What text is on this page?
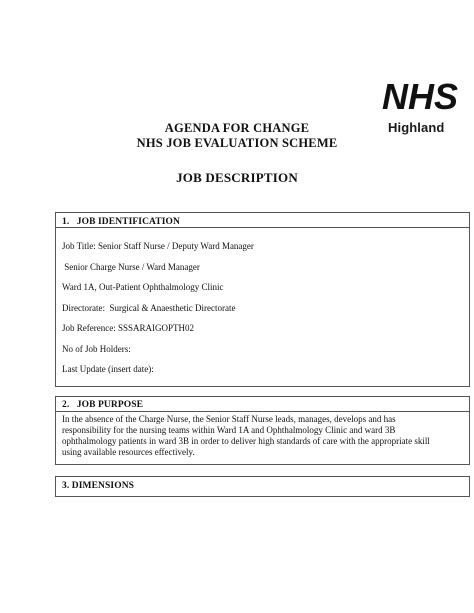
NHS
Highland
AGENDA FOR CHANGE
NHS JOB EVALUATION SCHEME
JOB DESCRIPTION
1.   JOB IDENTIFICATION
Job Title: Senior Staff Nurse / Deputy Ward Manager
Senior Charge Nurse / Ward Manager
Ward 1A, Out-Patient Ophthalmology Clinic
Directorate:  Surgical & Anaesthetic Directorate
Job Reference: SSSARAIGOPTH02
No of Job Holders:
Last Update (insert date):
2.   JOB PURPOSE
In the absence of the Charge Nurse, the Senior Staff Nurse leads, manages, develops and has
responsibility for the nursing teams within Ward 1A and Ophthalmology Clinic and ward 3B
ophthalmology patients in ward 3B in order to deliver high standards of care with the appropriate skill
using available resources effectively.
3. DIMENSIONS
